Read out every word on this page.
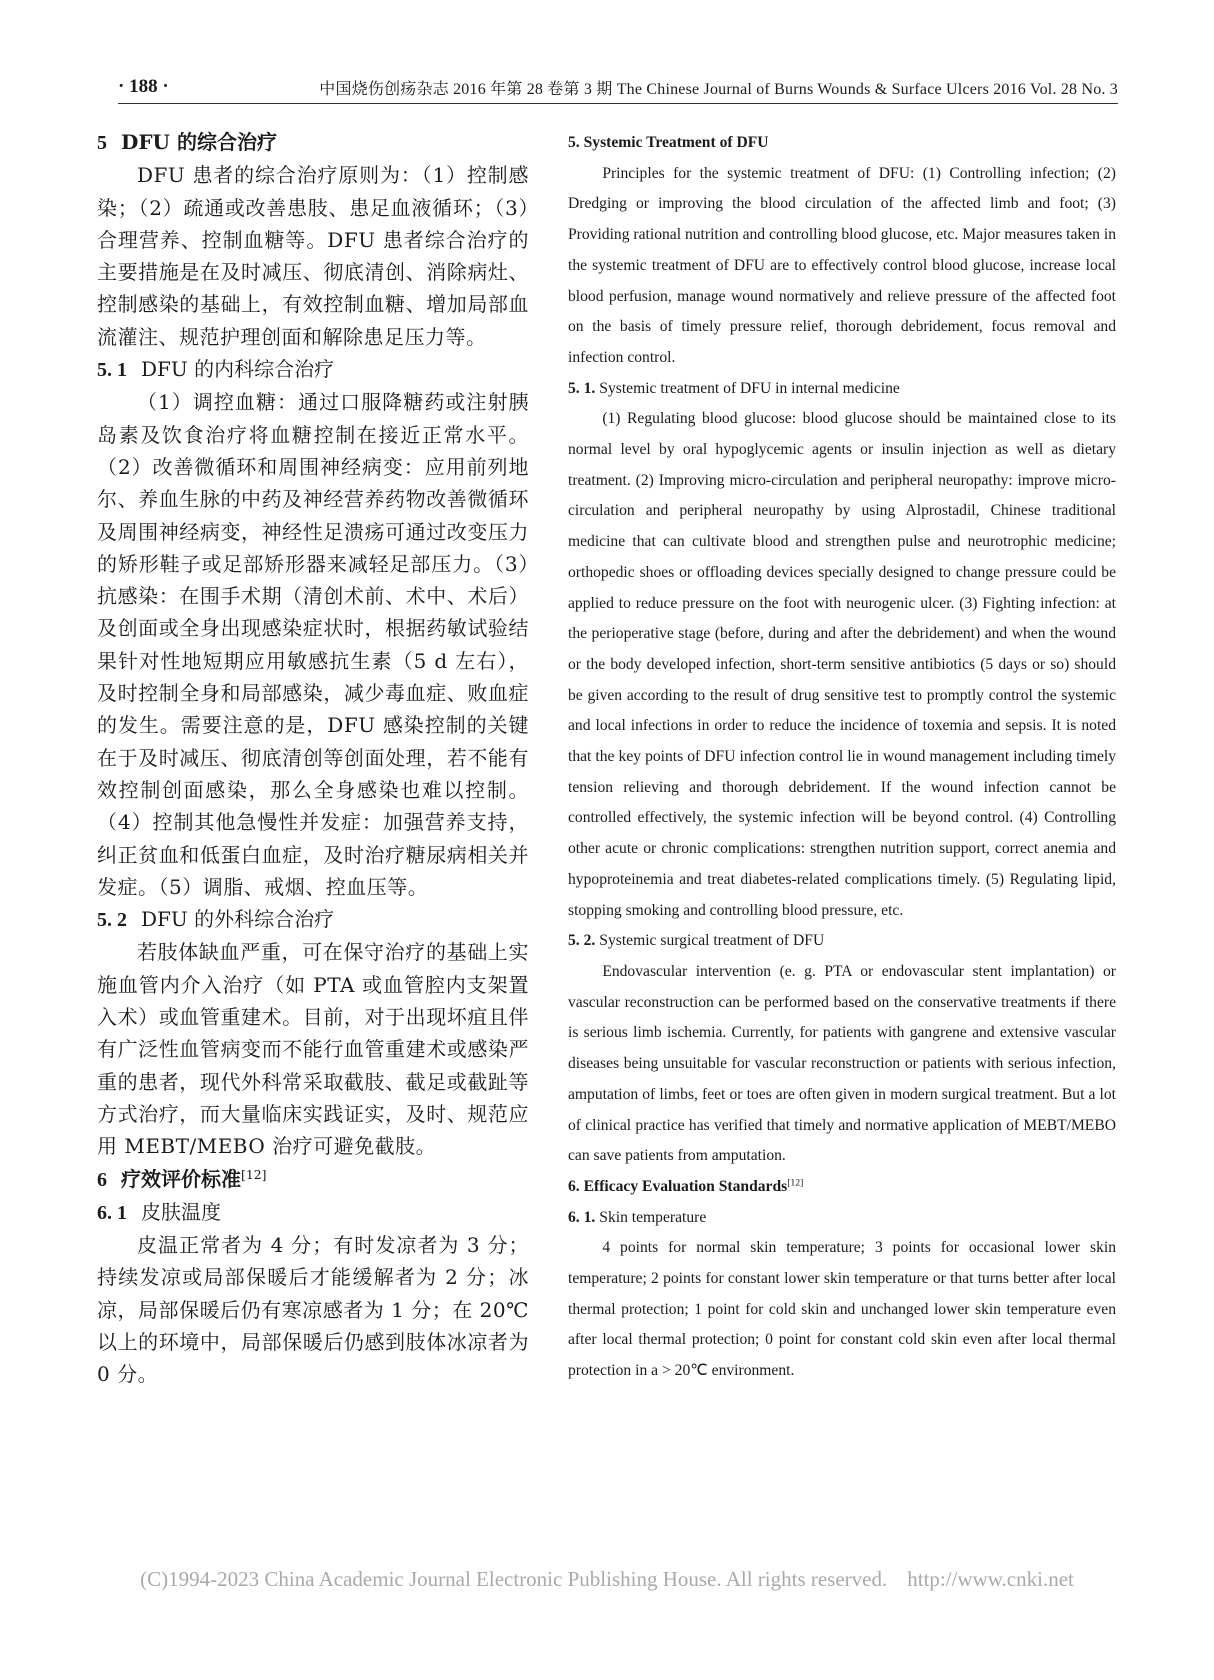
· 188 ·	中国烧伤创疡杂志 2016 年第 28 卷第 3 期 The Chinese Journal of Burns Wounds & Surface Ulcers 2016 Vol. 28 No. 3
5 DFU 的综合治疗

DFU 患者的综合治疗原则为：（1）控制感染；（2）疏通或改善患肢、患足血液循环；（3）合理营养、控制血糖等。DFU 患者综合治疗的主要措施是在及时减压、彻底清创、消除病灶、控制感染的基础上，有效控制血糖、增加局部血流灌注、规范护理创面和解除患足压力等。

5. 1 DFU 的内科综合治疗

（1）调控血糖：通过口服降糖药或注射胰岛素及饮食治疗将血糖控制在接近正常水平。（2）改善微循环和周围神经病变：应用前列地尔、养血生脉的中药及神经营养药物改善微循环及周围神经病变，神经性足溃疡可通过改变压力的矫形鞋子或足部矫形器来减轻足部压力。（3）抗感染：在围手术期（清创术前、术中、术后）及创面或全身出现感染症状时，根据药敏试验结果针对性地短期应用敏感抗生素（5 d 左右），及时控制全身和局部感染，减少毒血症、败血症的发生。需要注意的是，DFU 感染控制的关键在于及时减压、彻底清创等创面处理，若不能有效控制创面感染，那么全身感染也难以控制。（4）控制其他急慢性并发症：加强营养支持，纠正贫血和低蛋白血症，及时治疗糖尿病相关并发症。（5）调脂、戒烟、控血压等。

5. 2 DFU 的外科综合治疗

若肢体缺血严重，可在保守治疗的基础上实施血管内介入治疗（如 PTA 或血管腔内支架置入术）或血管重建术。目前，对于出现坏疽且伴有广泛性血管病变而不能行血管重建术或感染严重的患者，现代外科常采取截肢、截足或截趾等方式治疗，而大量临床实践证实，及时、规范应用 MEBT/MEBO 治疗可避免截肢。

6 疗效评价标准[12]
6. 1 皮肤温度

皮温正常者为 4 分；有时发凉者为 3 分；持续发凉或局部保暖后才能缓解者为 2 分；冰凉，局部保暖后仍有寒凉感者为 1 分；在 20℃ 以上的环境中，局部保暖后仍感到肢体冰凉者为 0 分。

5. Systemic Treatment of DFU

Principles for the systemic treatment of DFU: (1) Controlling infection; (2) Dredging or improving the blood circulation of the affected limb and foot; (3) Providing rational nutrition and controlling blood glucose, etc. Major measures taken in the systemic treatment of DFU are to effectively control blood glucose, increase local blood perfusion, manage wound normatively and relieve pressure of the affected foot on the basis of timely pressure relief, thorough debridement, focus removal and infection control.

5. 1. Systemic treatment of DFU in internal medicine

(1) Regulating blood glucose: blood glucose should be maintained close to its normal level by oral hypoglycemic agents or insulin injection as well as dietary treatment. (2) Improving micro-circulation and peripheral neuropathy: improve micro-circulation and peripheral neuropathy by using Alprostadil, Chinese traditional medicine that can cultivate blood and strengthen pulse and neurotrophic medicine; orthopedic shoes or offloading devices specially designed to change pressure could be applied to reduce pressure on the foot with neurogenic ulcer. (3) Fighting infection: at the perioperative stage (before, during and after the debridement) and when the wound or the body developed infection, short-term sensitive antibiotics (5 days or so) should be given according to the result of drug sensitive test to promptly control the systemic and local infections in order to reduce the incidence of toxemia and sepsis. It is noted that the key points of DFU infection control lie in wound management including timely tension relieving and thorough debridement. If the wound infection cannot be controlled effectively, the systemic infection will be beyond control. (4) Controlling other acute or chronic complications: strengthen nutrition support, correct anemia and hypoproteinemia and treat diabetes-related complications timely. (5) Regulating lipid, stopping smoking and controlling blood pressure, etc.

5. 2. Systemic surgical treatment of DFU

Endovascular intervention (e. g. PTA or endovascular stent implantation) or vascular reconstruction can be performed based on the conservative treatments if there is serious limb ischemia. Currently, for patients with gangrene and extensive vascular diseases being unsuitable for vascular reconstruction or patients with serious infection, amputation of limbs, feet or toes are often given in modern surgical treatment. But a lot of clinical practice has verified that timely and normative application of MEBT/MEBO can save patients from amputation.

6. Efficacy Evaluation Standards[12]
6. 1. Skin temperature

4 points for normal skin temperature; 3 points for occasional lower skin temperature; 2 points for constant lower skin temperature or that turns better after local thermal protection; 1 point for cold skin and unchanged lower skin temperature even after local thermal protection; 0 point for constant cold skin even after local thermal protection in a > 20℃ environment.

(C)1994-2023 China Academic Journal Electronic Publishing House. All rights reserved. http://www.cnki.net
